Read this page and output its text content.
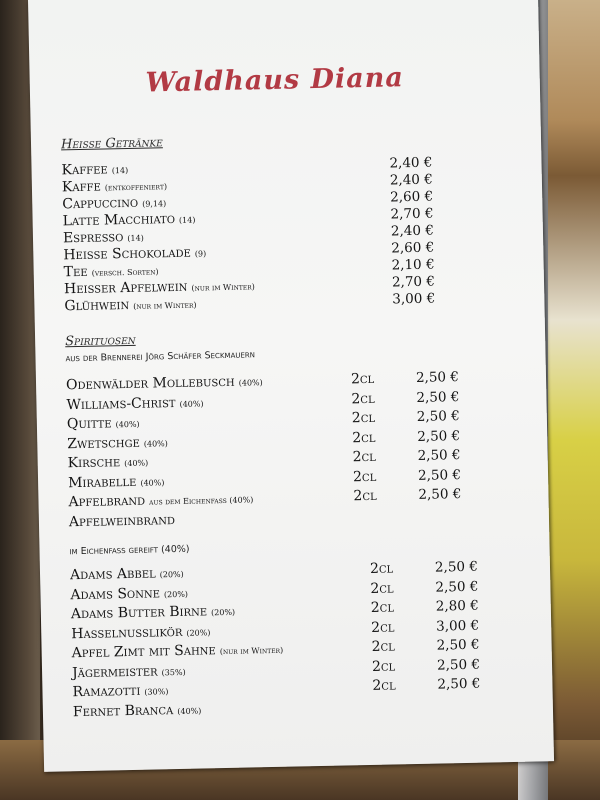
Waldhaus Diana
Heisse Getränke
Kaffee (14)	2,40 €
Kaffe (entkoffeniert)	2,40 €
Cappuccino (9,14)	2,60 €
Latte Macchiato (14)	2,70 €
Espresso (14)	2,40 €
Heisse Schokolade (9)	2,60 €
Tee (versch. Sorten)	2,10 €
Heisser Apfelwein (nur im Winter)	2,70 €
Glühwein (nur im Winter)	3,00 €
Spirituosen
aus der Brennerei Jörg Schäfer Seckmauern
Odenwälder Mollebusch (40%)	2cl	2,50 €
Williams-Christ (40%)	2cl	2,50 €
Quitte (40%)	2cl	2,50 €
Zwetschge (40%)	2cl	2,50 €
Kirsche (40%)	2cl	2,50 €
Mirabelle (40%)	2cl	2,50 €
Apfelbrand aus dem Eichenfass (40%)	2cl	2,50 €
Apfelweinbrand
im Eichenfass gereift (40%)
Adams Abbel (20%)	2cl	2,50 €
Adams Sonne (20%)	2cl	2,50 €
Adams Butter Birne (20%)	2cl	2,80 €
Hasselnusslikör (20%)	2cl	3,00 €
Apfel Zimt mit Sahne (nur im Winter)	2cl	2,50 €
Jägermeister (35%)	2cl	2,50 €
Ramazotti (30%)	2cl	2,50 €
Fernet Branca (40%)
